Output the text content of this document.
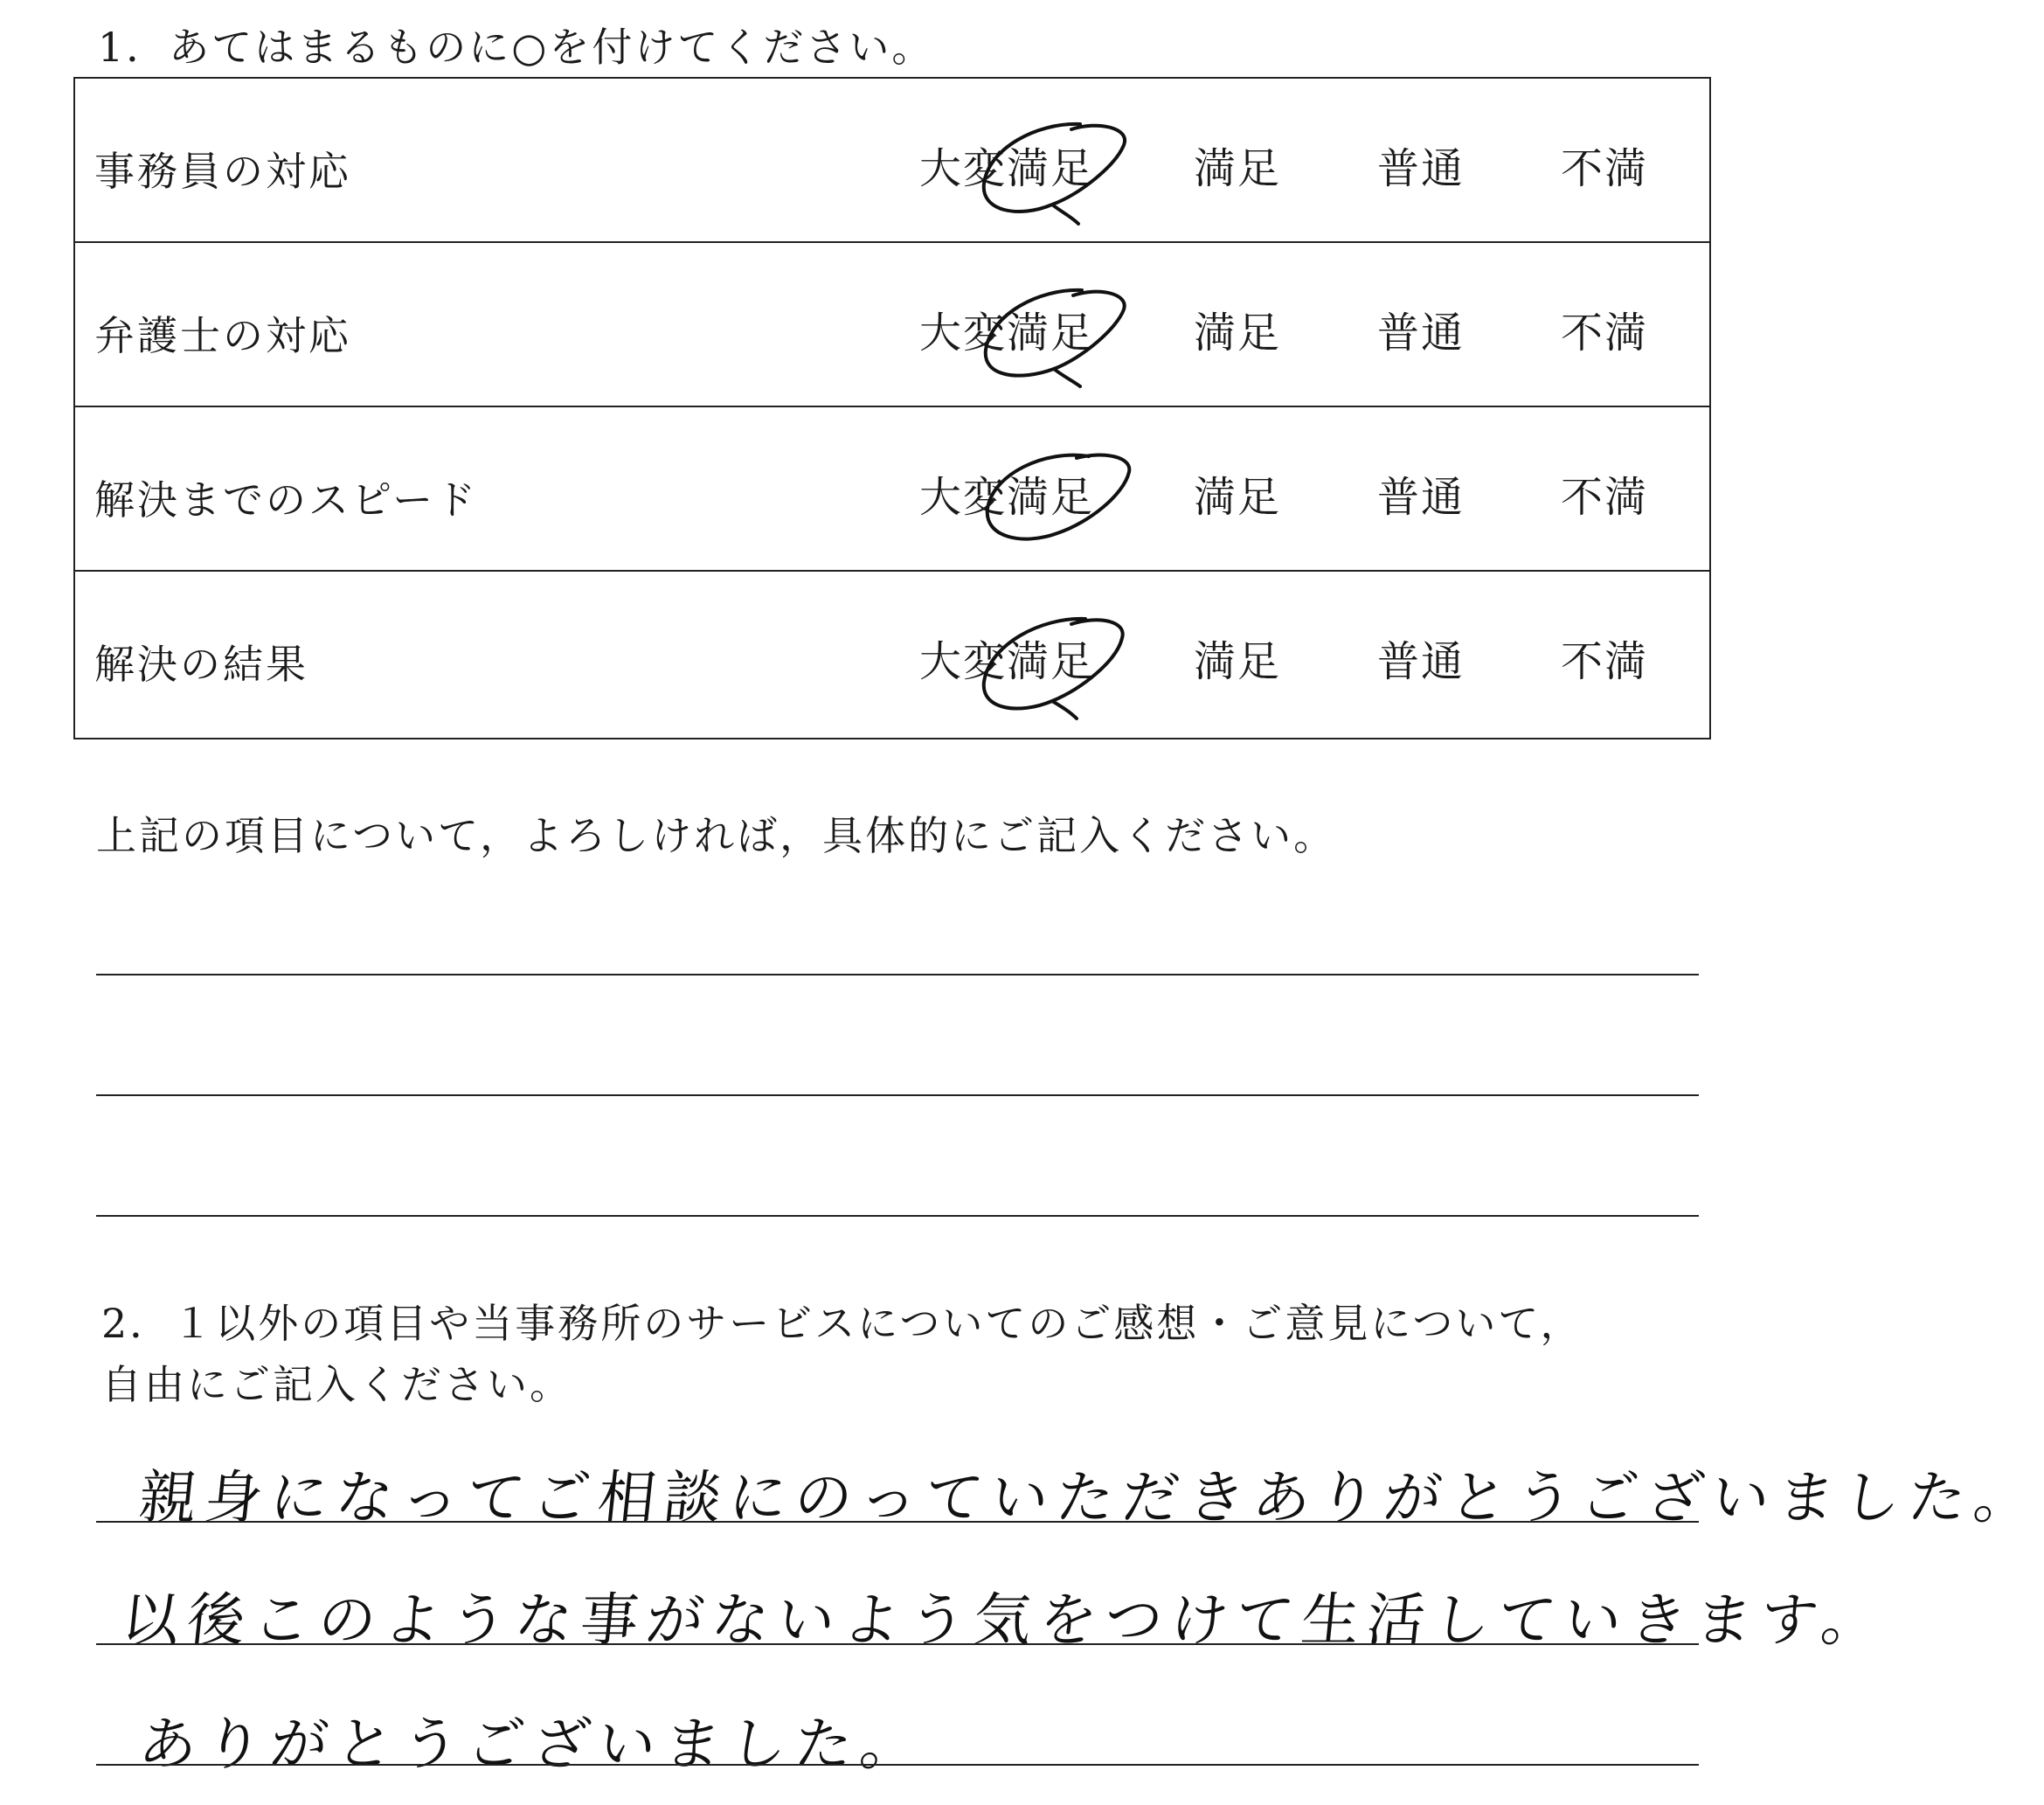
1．あてはまるものに○を付けてください。
事務員の対応	大変満足 満足 普通 不満
弁護士の対応	大変満足 満足 普通 不満
解決までのスピード	大変満足 満足 普通 不満
解決の結果	大変満足 満足 普通 不満
上記の項目について，よろしければ，具体的にご記入ください。
2．１以外の項目や当事務所のサービスについてのご感想・ご意見について，
自由にご記入ください。
親身になってご相談にのっていただきありがとうございました。
以後このような事がないよう気をつけて生活していきます。
ありがとうございました。
